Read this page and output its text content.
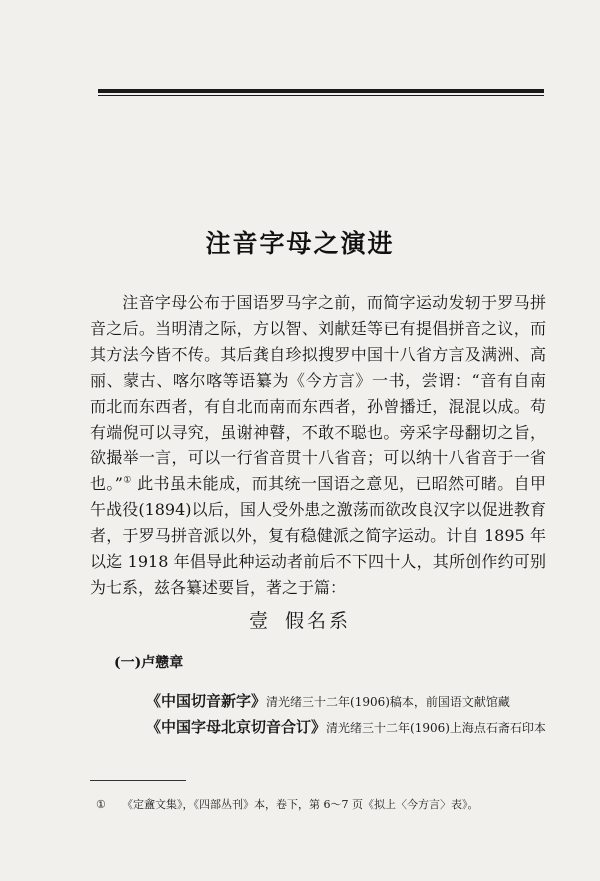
注音字母之演进
注音字母公布于国语罗马字之前，而简字运动发轫于罗马拼音之后。当明清之际，方以智、刘献廷等已有提倡拼音之议，而其方法今皆不传。其后龚自珍拟搜罗中国十八省方言及满洲、高丽、蒙古、喀尔喀等语纂为《今方言》一书，尝谓：“音有自南而北而东西者，有自北而南而东西者，孙曾播迁，混混以成。苟有端倪可以寻究，虽谢神瞽，不敢不聪也。旁采字母翻切之旨，欲撮举一言，可以一行省音贯十八省音；可以纳十八省音于一省也。”① 此书虽未能成，而其统一国语之意见，已昭然可睹。自甲午战役(1894)以后，国人受外患之激荡而欲改良汉字以促进教育者，于罗马拼音派以外，复有稳健派之简字运动。计自 1895 年以迄 1918 年倡导此种运动者前后不下四十人，其所创作约可别为七系，兹各纂述要旨，著之于篇：
壹 假名系
(一)卢戆章
《中国切音新字》清光绪三十二年(1906)稿本，前国语文献馆藏
《中国字母北京切音合订》清光绪三十二年(1906)上海点石斋石印本
① 《定盦文集》，《四部丛刊》本，卷下，第 6～7 页《拟上〈今方言〉表》。
